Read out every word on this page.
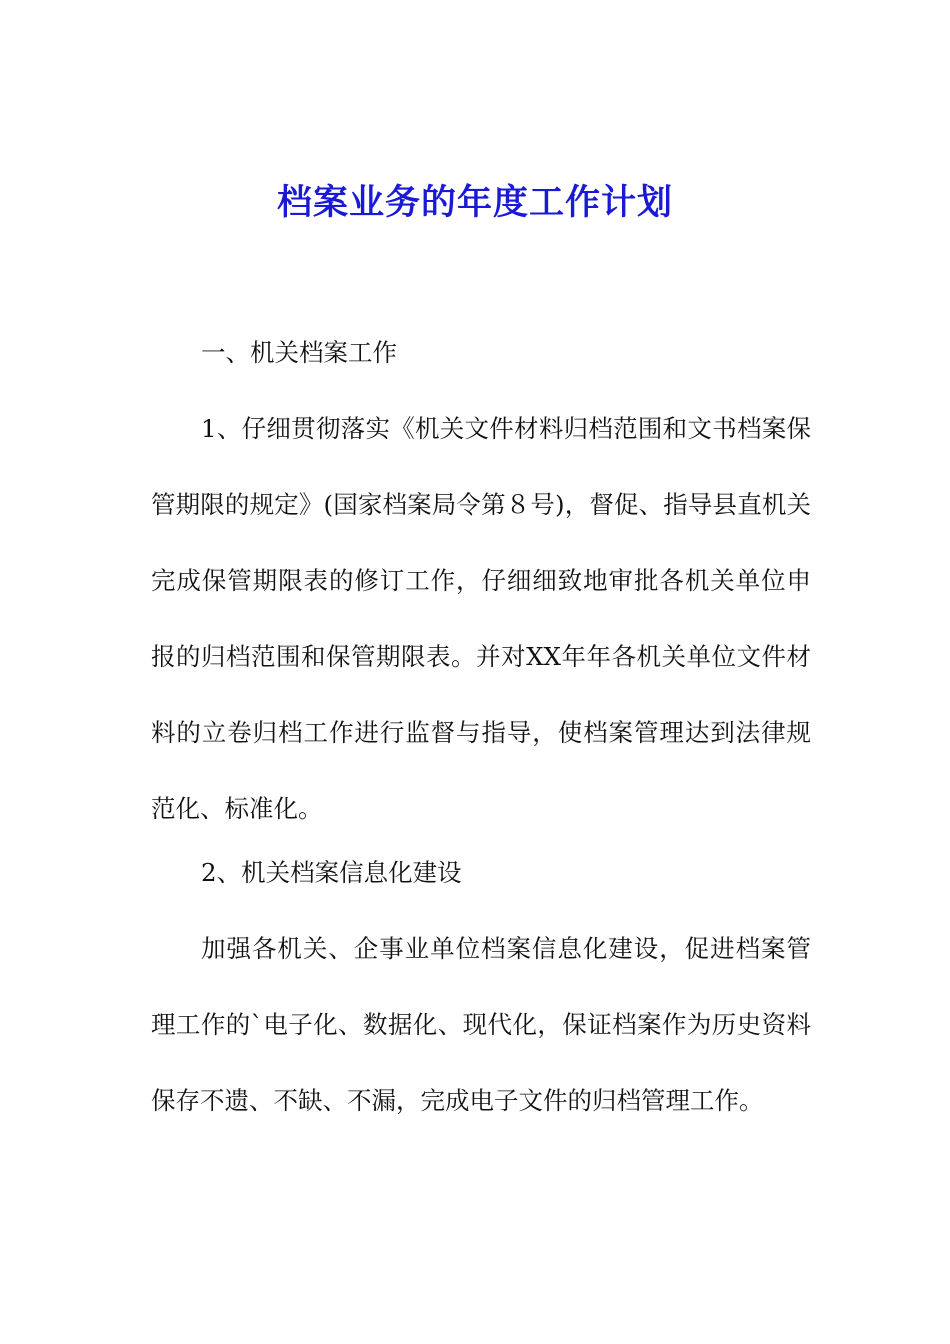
档案业务的年度工作计划

一、机关档案工作

1、仔细贯彻落实《机关文件材料归档范围和文书档案保管期限的规定》(国家档案局令第８号)，督促、指导县直机关完成保管期限表的修订工作，仔细细致地审批各机关单位申报的归档范围和保管期限表。并对XX年年各机关单位文件材料的立卷归档工作进行监督与指导，使档案管理达到法律规范化、标准化。

2、机关档案信息化建设

加强各机关、企事业单位档案信息化建设，促进档案管理工作的`电子化、数据化、现代化，保证档案作为历史资料保存不遗、不缺、不漏，完成电子文件的归档管理工作。
